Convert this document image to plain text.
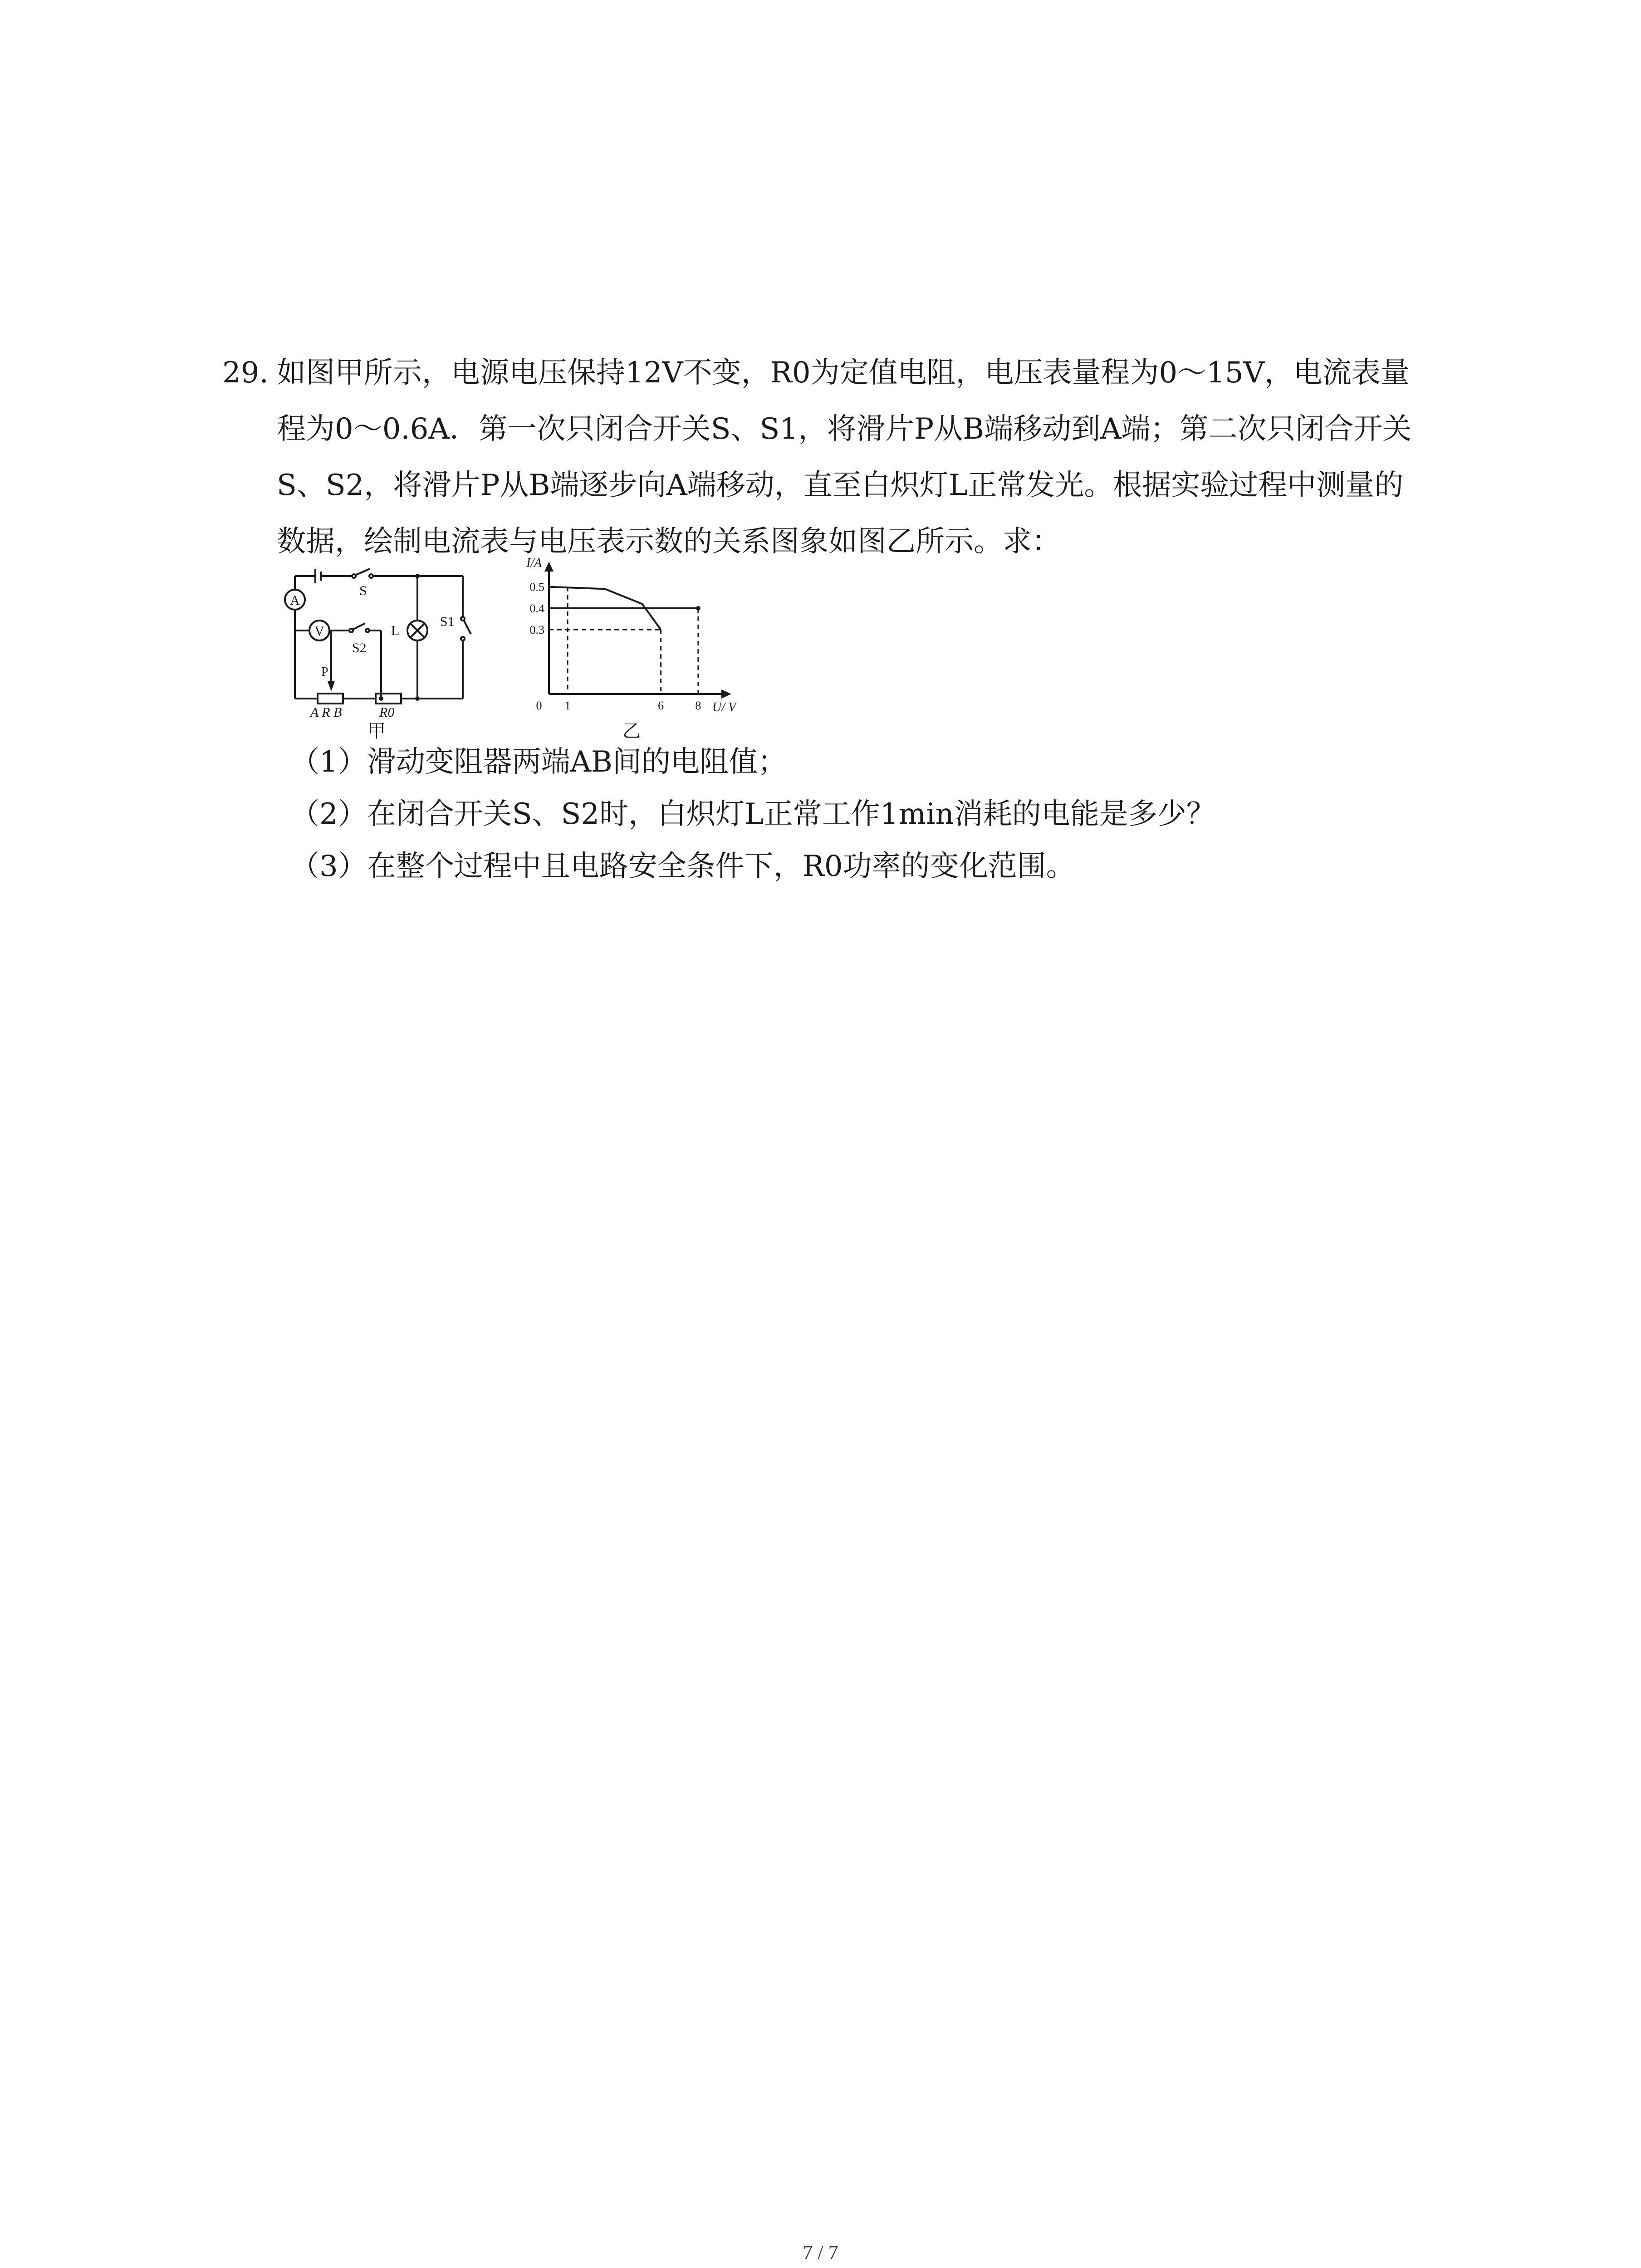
29. 如图甲所示，电源电压保持12V不变，R0为定值电阻，电压表量程为0～15V，电流表量
程为0～0.6A．第一次只闭合开关S、S1，将滑片P从B端移动到A端；第二次只闭合开关
S、S2，将滑片P从B端逐步向A端移动，直至白炽灯L正常发光。根据实验过程中测量的
数据，绘制电流表与电压表示数的关系图象如图乙所示。求：
A
V
S
S1
S2
L
P
A R B	R0
甲
0 1	6	8
0.5
0.4
0.3
I/A
U/ V
乙
（1）滑动变阻器两端AB间的电阻值；
（2）在闭合开关S、S2时，白炽灯L正常工作1min消耗的电能是多少？
（3）在整个过程中且电路安全条件下，R0功率的变化范围。
7 / 7
